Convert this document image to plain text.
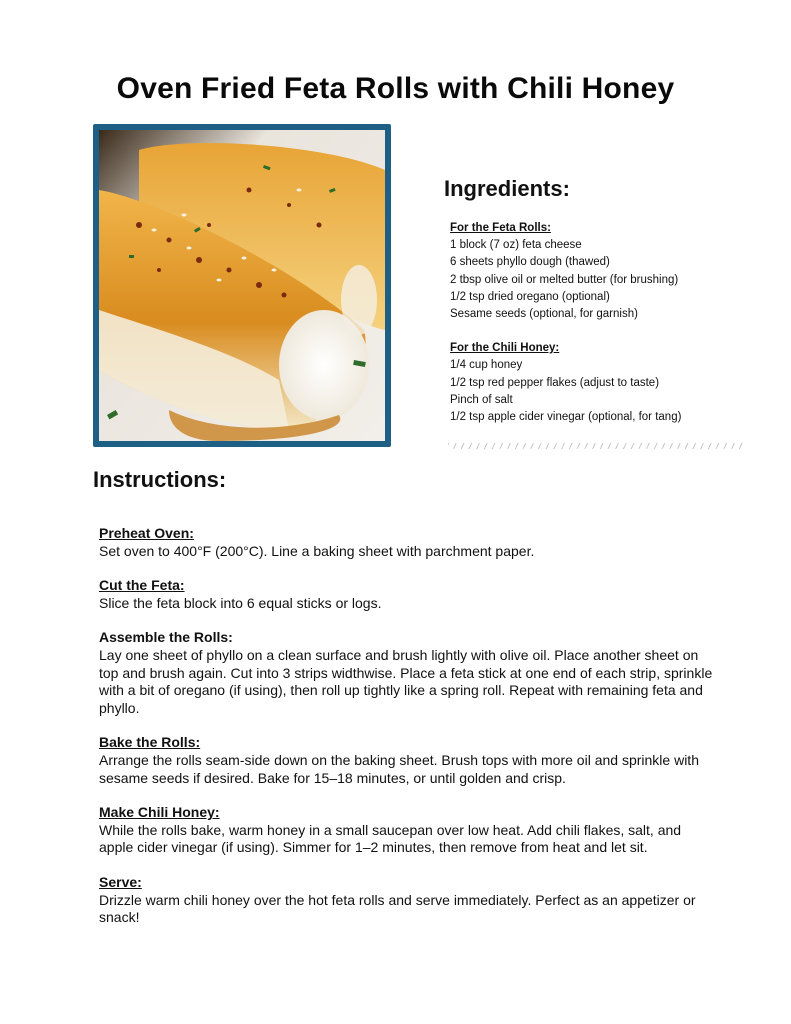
Oven Fried Feta Rolls with Chili Honey
Ingredients:
For the Feta Rolls:
1 block (7 oz) feta cheese
6 sheets phyllo dough (thawed)
2 tbsp olive oil or melted butter (for brushing)
1/2 tsp dried oregano (optional)
Sesame seeds (optional, for garnish)
For the Chili Honey:
1/4 cup honey
1/2 tsp red pepper flakes (adjust to taste)
Pinch of salt
1/2 tsp apple cider vinegar (optional, for tang)
Instructions:
Preheat Oven:
Set oven to 400°F (200°C). Line a baking sheet with parchment paper.
Cut the Feta:
Slice the feta block into 6 equal sticks or logs.
Assemble the Rolls:
Lay one sheet of phyllo on a clean surface and brush lightly with olive oil. Place another sheet on top and brush again. Cut into 3 strips widthwise. Place a feta stick at one end of each strip, sprinkle with a bit of oregano (if using), then roll up tightly like a spring roll. Repeat with remaining feta and phyllo.
Bake the Rolls:
Arrange the rolls seam-side down on the baking sheet. Brush tops with more oil and sprinkle with sesame seeds if desired. Bake for 15–18 minutes, or until golden and crisp.
Make Chili Honey:
While the rolls bake, warm honey in a small saucepan over low heat. Add chili flakes, salt, and apple cider vinegar (if using). Simmer for 1–2 minutes, then remove from heat and let sit.
Serve:
Drizzle warm chili honey over the hot feta rolls and serve immediately. Perfect as an appetizer or snack!
